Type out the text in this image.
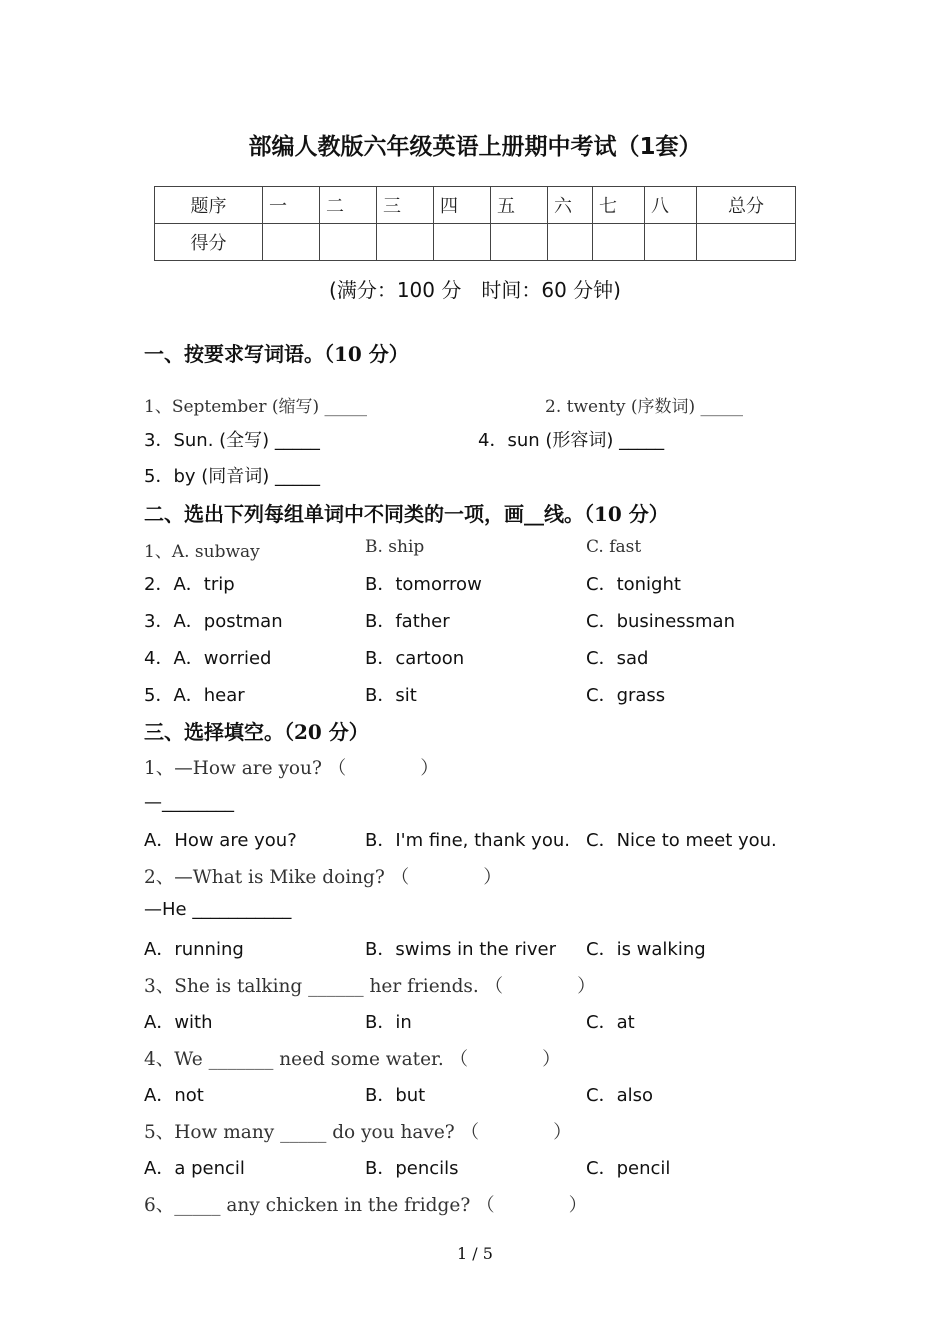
部编人教版六年级英语上册期中考试（1套）
题序	一	二	三	四	五	六	七	八	总分
得分									
(满分：100 分　时间：60 分钟)
一、按要求写词语。（10 分）
1、September (缩写) _____	2. twenty (序数词) _____
3．Sun. (全写) _____	4．sun (形容词) _____
5．by (同音词) _____
二、选出下列每组单词中不同类的一项，画__线。（10 分）
1、A. subway	B. ship	C. fast
2．A．trip	B．tomorrow	C．tonight
3．A．postman	B．father	C．businessman
4．A．worried	B．cartoon	C．sad
5．A．hear	B．sit	C．grass
三、选择填空。（20 分）
1、—How are you? （　　　　）
—________
A．How are you?	B．I'm fine, thank you. C．Nice to meet you.
2、—What is Mike doing? （　　　　）
—He ___________
A．running	B．swims in the river C．is walking
3、She is talking ______ her friends. （　　　　）
A．with	B．in	C．at
4、We _______ need some water. （　　　　）
A．not	B．but	C．also
5、How many _____ do you have? （　　　　）
A．a pencil	B．pencils	C．pencil
6、_____ any chicken in the fridge? （　　　　）
1 / 5
